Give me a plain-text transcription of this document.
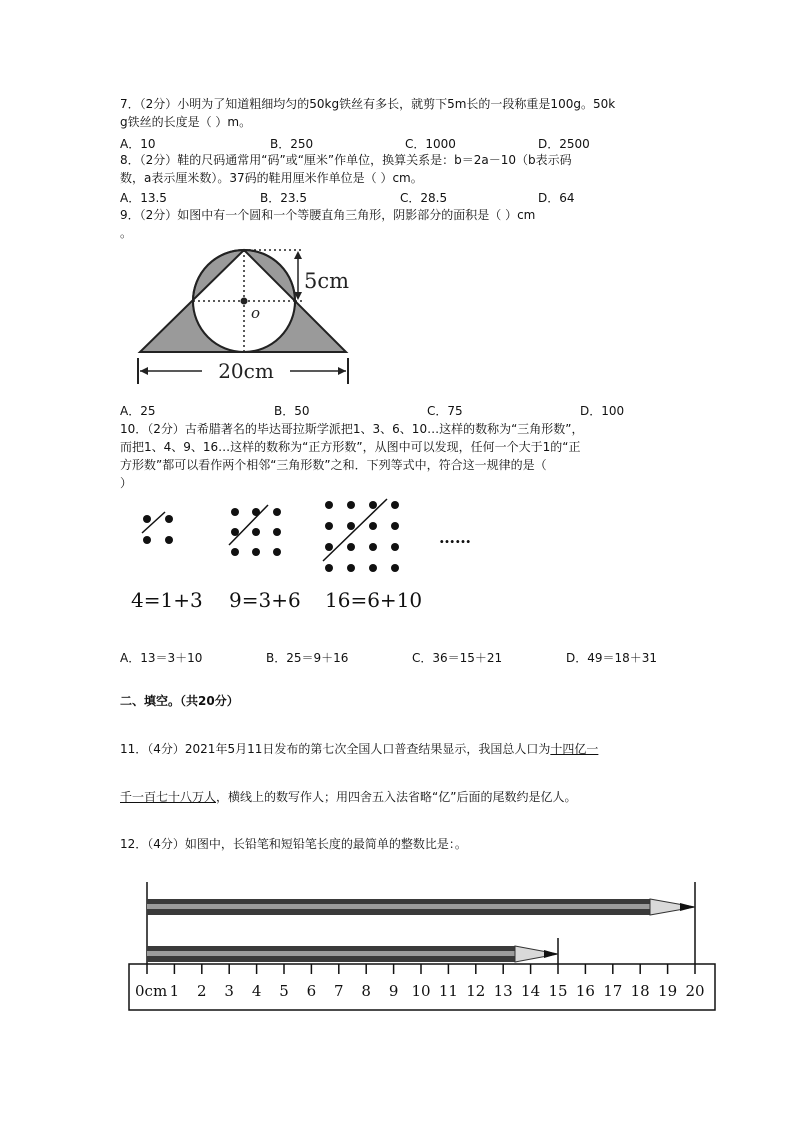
7．（2分）小明为了知道粗细均匀的50kg铁丝有多长，就剪下5m长的一段称重是100g。50k
g铁丝的长度是（ ）m。
A．10	B．250	C．1000	D．2500
8．（2分）鞋的尺码通常用“码”或“厘米”作单位，换算关系是：b＝2a－10（b表示码
数，a表示厘米数）。37码的鞋用厘米作单位是（ ）cm。
A．13.5	B．23.5	C．28.5	D．64
9．（2分）如图中有一个圆和一个等腰直角三角形，阴影部分的面积是（ ）cm
。
5cm
o
20cm
A．25	B．50	C．75	D．100
10．（2分）古希腊著名的毕达哥拉斯学派把1、3、6、10…这样的数称为“三角形数”，
而把1、4、9、16…这样的数称为“正方形数”，从图中可以发现，任何一个大于1的“正
方形数”都可以看作两个相邻“三角形数”之和．下列等式中，符合这一规律的是（
）
……
4=1+3 9=3+6 16=6+10
A．13＝3＋10	B．25＝9＋16	C．36＝15＋21	D．49＝18＋31
二、填空。（共20分）
11．（4分）2021年5月11日发布的第七次全国人口普查结果显示，我国总人口为十四亿一
千一百七十八万人，横线上的数写作人；用四舍五入法省略“亿”后面的尾数约是亿人。
12．（4分）如图中，长铅笔和短铅笔长度的最简单的整数比是：。
0cm 1 2 3 4 5 6 7 8 9 10 11 12 13 14 15 16 17 18 19 20
